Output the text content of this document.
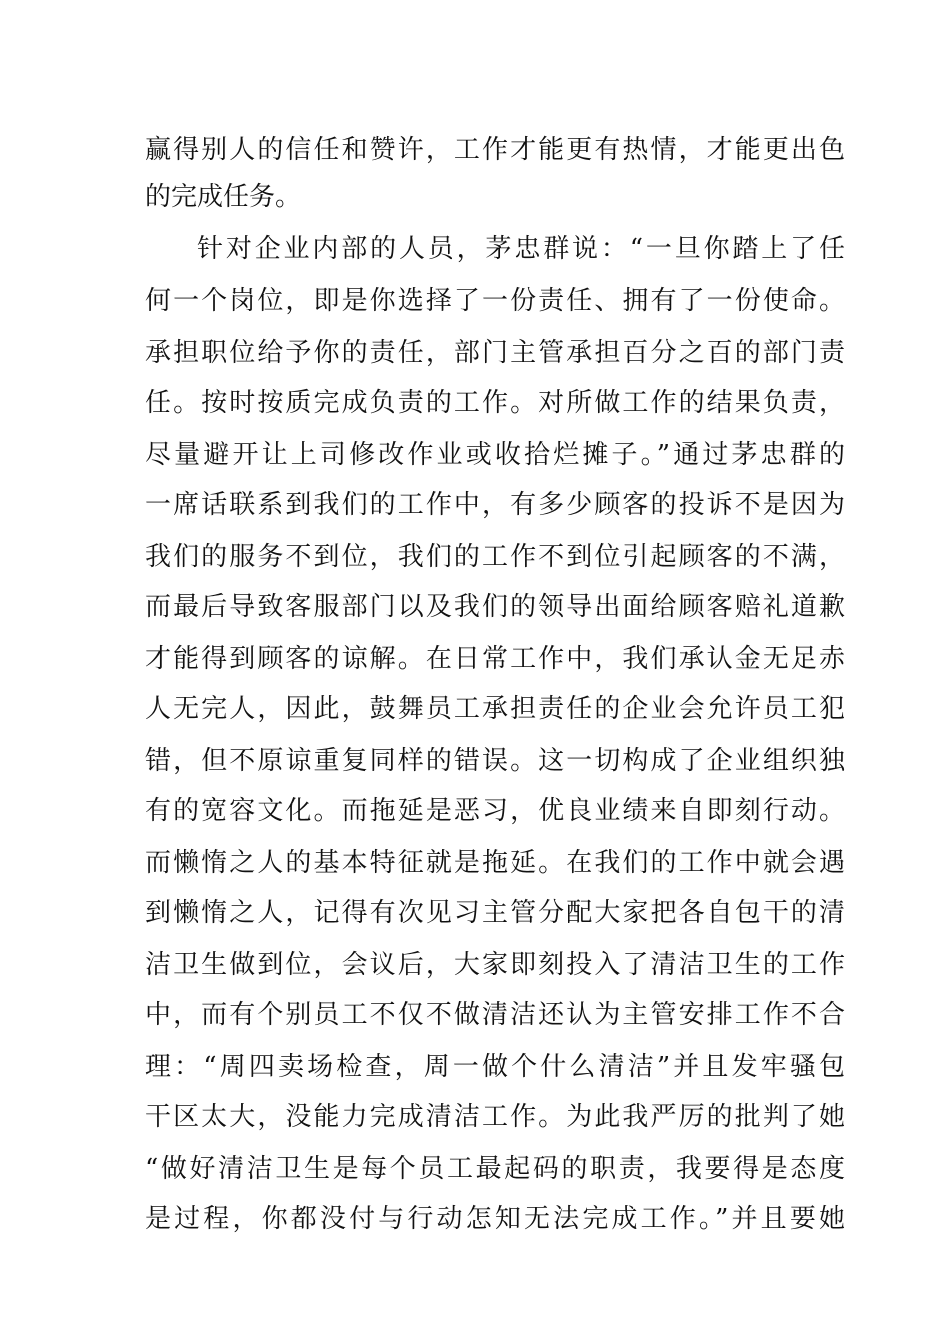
赢得别人的信任和赞许，工作才能更有热情，才能更出色
的完成任务。
针对企业内部的人员，茅忠群说：“一旦你踏上了任
何一个岗位，即是你选择了一份责任、拥有了一份使命。
承担职位给予你的责任，部门主管承担百分之百的部门责
任。按时按质完成负责的工作。对所做工作的结果负责，
尽量避开让上司修改作业或收拾烂摊子。”通过茅忠群的
一席话联系到我们的工作中，有多少顾客的投诉不是因为
我们的服务不到位，我们的工作不到位引起顾客的不满，
而最后导致客服部门以及我们的领导出面给顾客赔礼道歉
才能得到顾客的谅解。在日常工作中，我们承认金无足赤
人无完人，因此，鼓舞员工承担责任的企业会允许员工犯
错，但不原谅重复同样的错误。这一切构成了企业组织独
有的宽容文化。而拖延是恶习，优良业绩来自即刻行动。
而懒惰之人的基本特征就是拖延。在我们的工作中就会遇
到懒惰之人，记得有次见习主管分配大家把各自包干的清
洁卫生做到位，会议后，大家即刻投入了清洁卫生的工作
中，而有个别员工不仅不做清洁还认为主管安排工作不合
理：“周四卖场检查，周一做个什么清洁”并且发牢骚包
干区太大，没能力完成清洁工作。为此我严厉的批判了她
“做好清洁卫生是每个员工最起码的职责，我要得是态度
是过程，你都没付与行动怎知无法完成工作。”并且要她
